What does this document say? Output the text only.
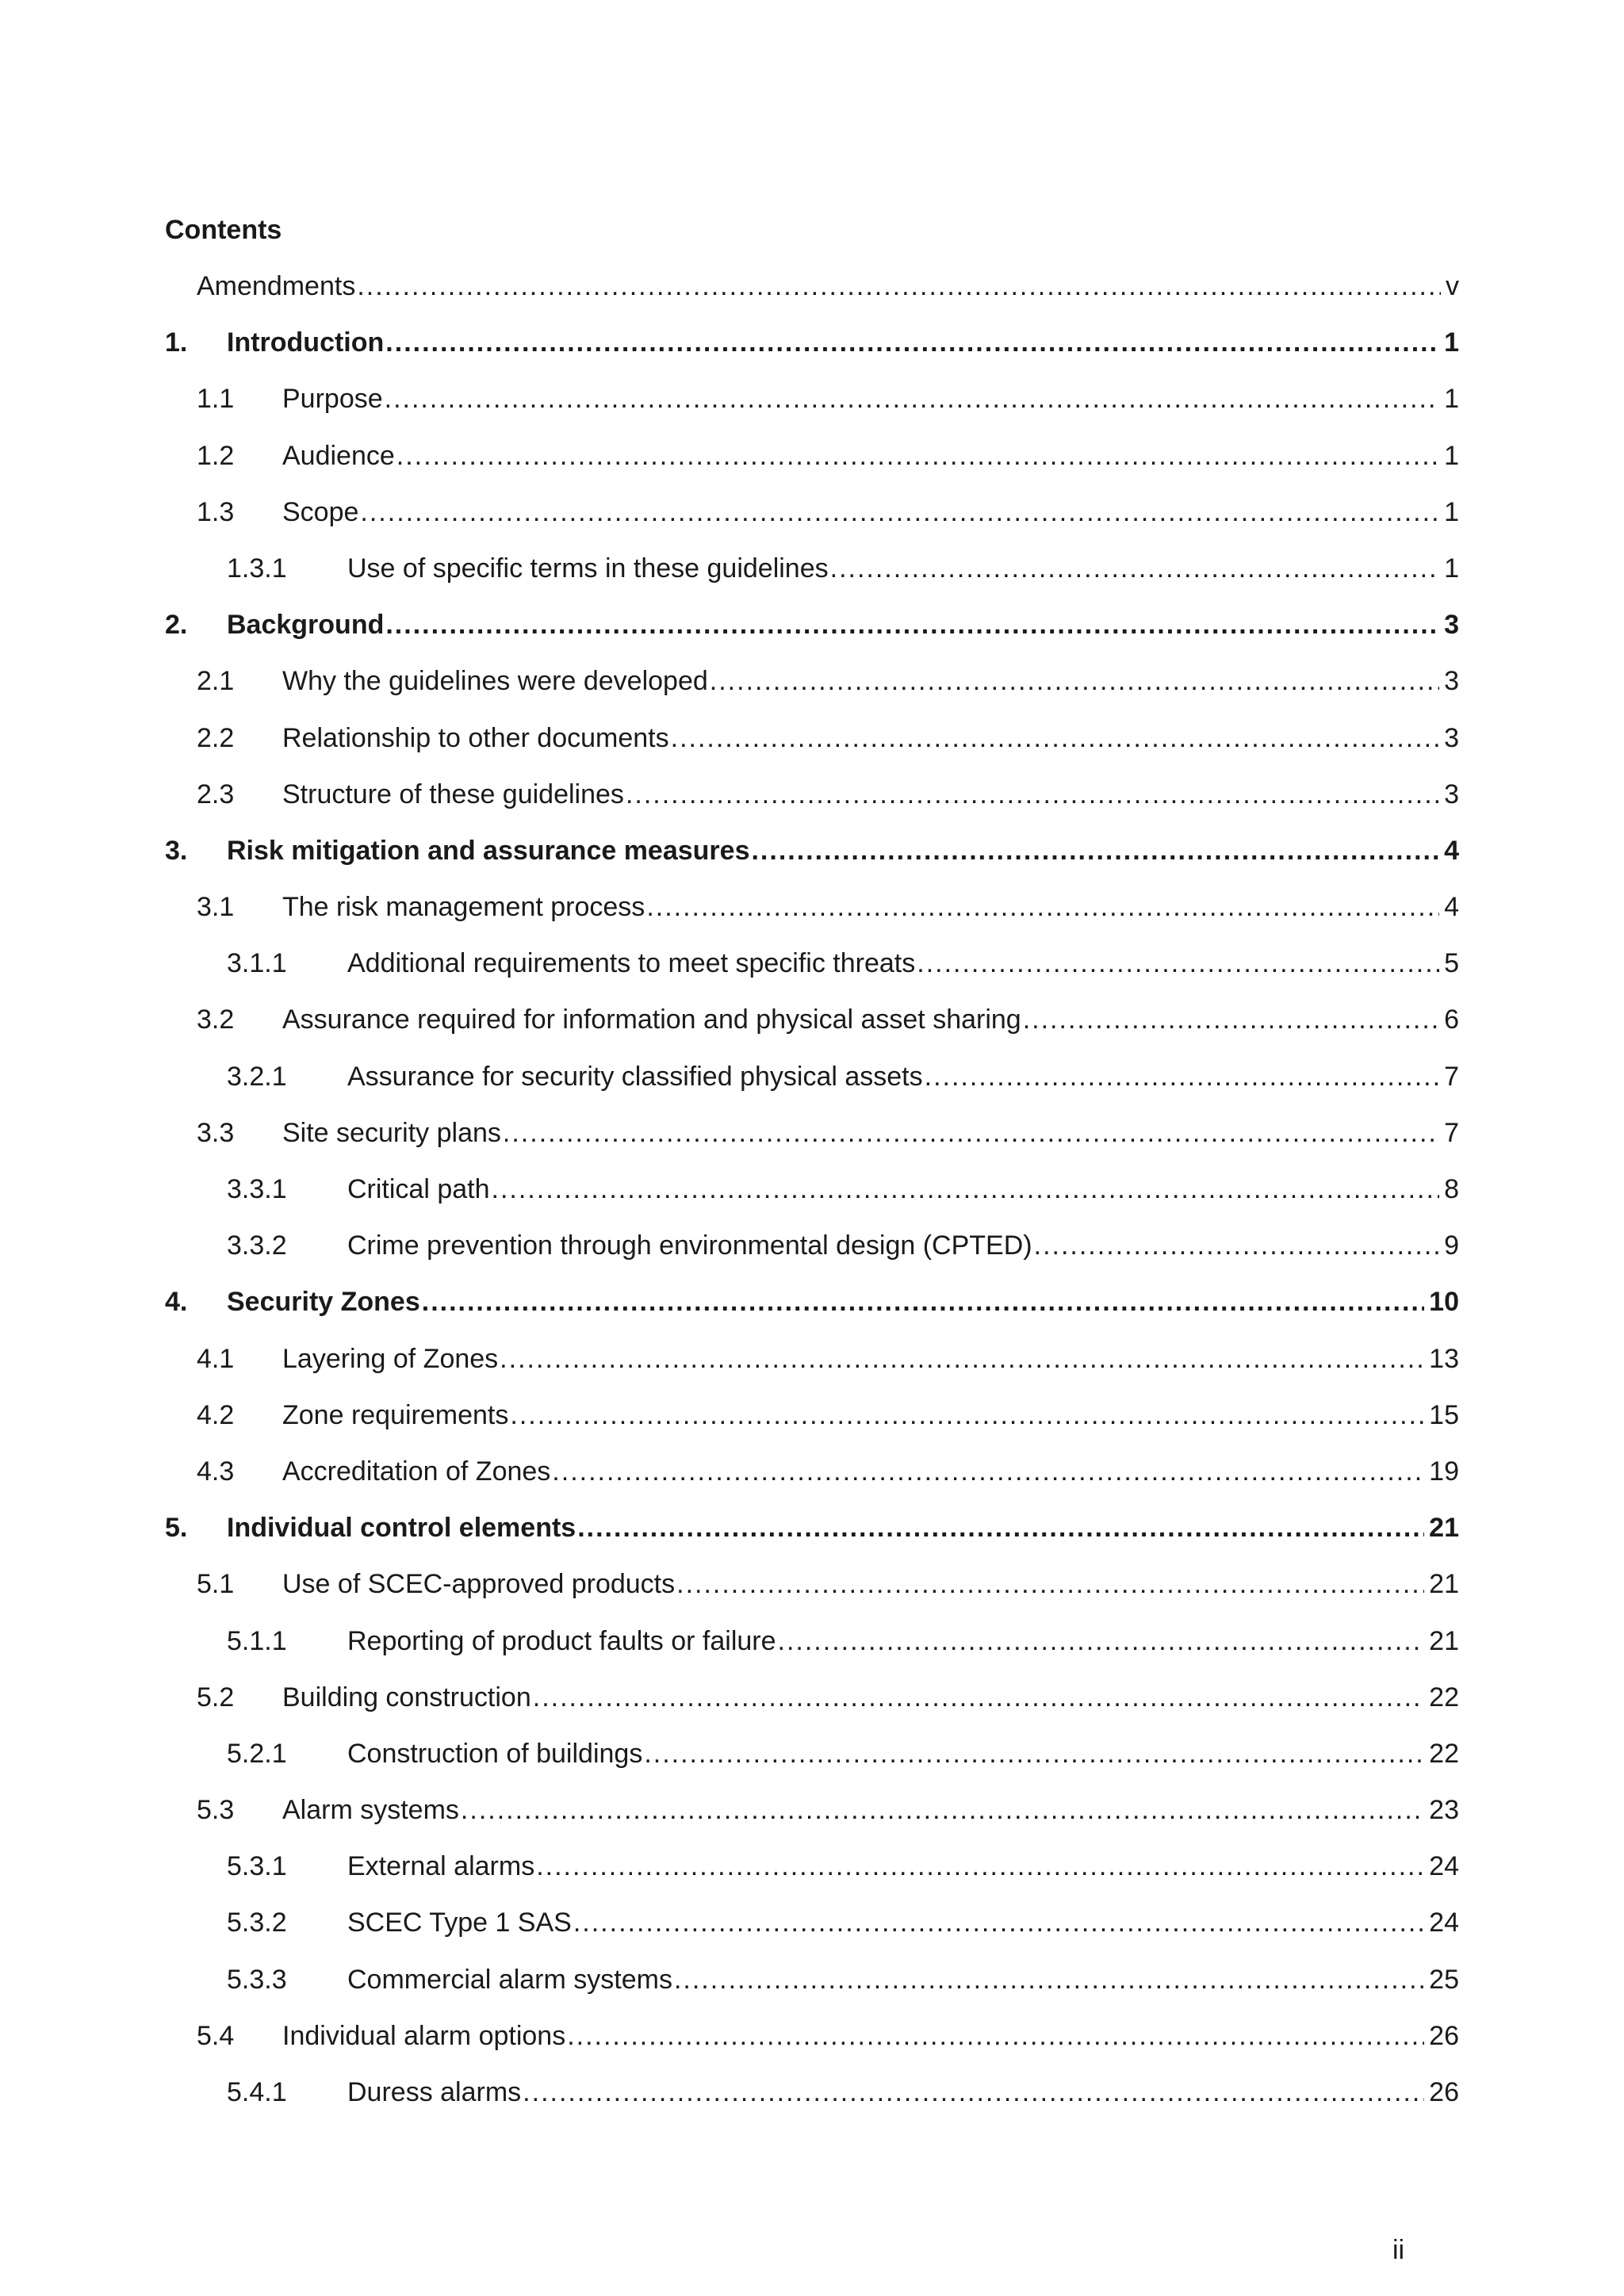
Contents
Amendments .....	v
1.	Introduction .....	1
1.1	Purpose .....	1
1.2	Audience .....	1
1.3	Scope .....	1
1.3.1	Use of specific terms in these guidelines .....	1
2.	Background .....	3
2.1	Why the guidelines were developed .....	3
2.2	Relationship to other documents .....	3
2.3	Structure of these guidelines .....	3
3.	Risk mitigation and assurance measures .....	4
3.1	The risk management process .....	4
3.1.1	Additional requirements to meet specific threats .....	5
3.2	Assurance required for information and physical asset sharing .....	6
3.2.1	Assurance for security classified physical assets .....	7
3.3	Site security plans .....	7
3.3.1	Critical path .....	8
3.3.2	Crime prevention through environmental design (CPTED) .....	9
4.	Security Zones .....	10
4.1	Layering of Zones .....	13
4.2	Zone requirements .....	15
4.3	Accreditation of Zones .....	19
5.	Individual control elements .....	21
5.1	Use of SCEC-approved products .....	21
5.1.1	Reporting of product faults or failure .....	21
5.2	Building construction .....	22
5.2.1	Construction of buildings .....	22
5.3	Alarm systems .....	23
5.3.1	External alarms .....	24
5.3.2	SCEC Type 1 SAS .....	24
5.3.3	Commercial alarm systems .....	25
5.4	Individual alarm options .....	26
5.4.1	Duress alarms .....	26
ii
